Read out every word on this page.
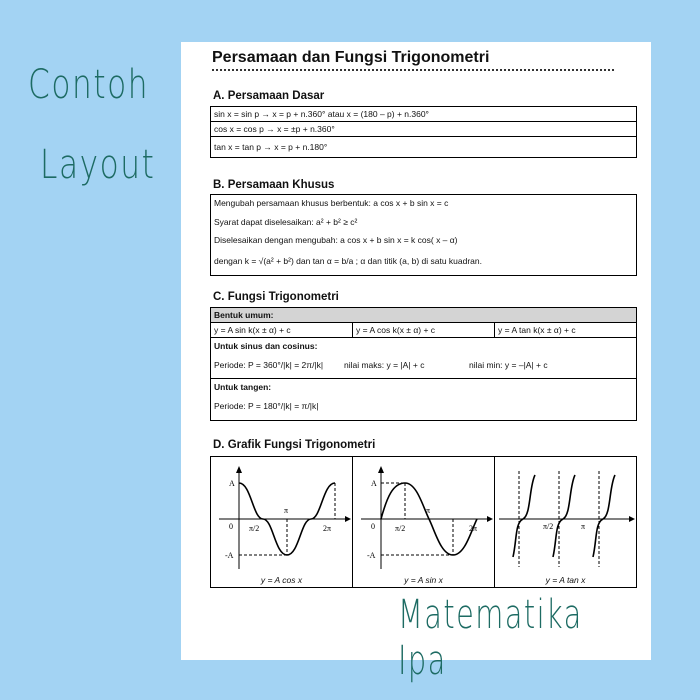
Contoh
Layout
Persamaan dan Fungsi Trigonometri
A. Persamaan Dasar
sin x = sin p → x = p + n.360° atau x = (180 – p) + n.360°
cos x = cos p → x = ±p + n.360°
tan x = tan p → x = p + n.180°
B. Persamaan Khusus
Mengubah persamaan khusus berbentuk: a cos x + b sin x = c
Syarat dapat diselesaikan: a² + b² ≥ c²
Diselesaikan dengan mengubah: a cos x + b sin x = k cos( x – α)
dengan k = √(a² + b²) dan tan α = b/a ; α dan titik (a, b) di satu kuadran.
C. Fungsi Trigonometri
Bentuk umum:
y = A sin k(x ± α) + c	y = A cos k(x ± α) + c	y = A tan k(x ± α) + c
Untuk sinus dan cosinus:
Periode: P = 360°/|k| = 2π/|k|	nilai maks: y = |A| + c	nilai min: y = –|A| + c
Untuk tangen:
Periode: P = 180°/|k| = π/|k|
D. Grafik Fungsi Trigonometri
A
-A
0 π/2
π
2π
y = A cos x
A
-A
0	π/2
π
2π
y = A sin x
π/2	π
y = A tan x
Matematika Ipa
